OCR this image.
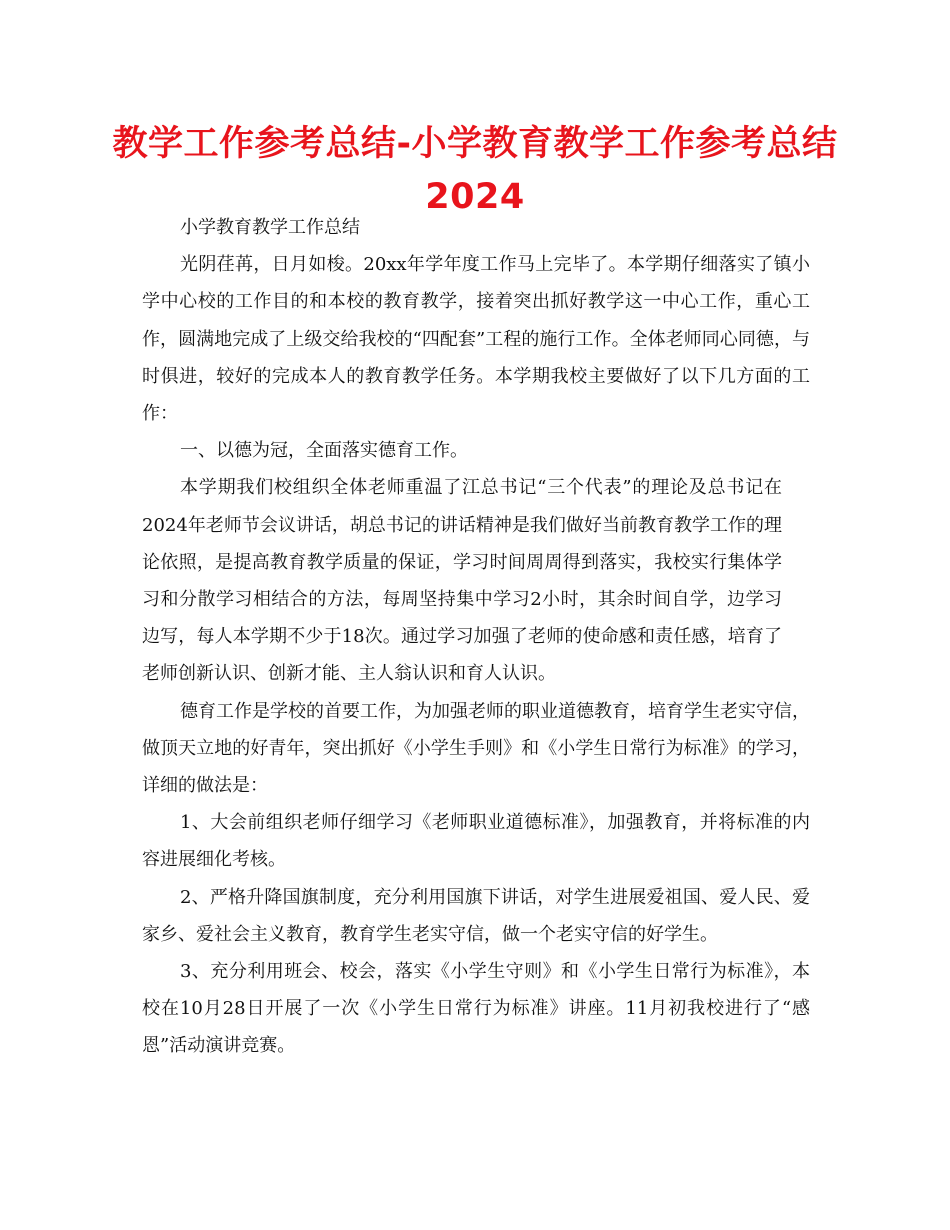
教学工作参考总结-小学教育教学工作参考总结2024

小学教育教学工作总结

光阴荏苒，日月如梭。20xx年学年度工作马上完毕了。本学期仔细落实了镇小学中心校的工作目的和本校的教育教学，接着突出抓好教学这一中心工作，重心工作，圆满地完成了上级交给我校的“四配套”工程的施行工作。全体老师同心同德，与时俱进，较好的完成本人的教育教学任务。本学期我校主要做好了以下几方面的工作：

一、以德为冠，全面落实德育工作。

本学期我们校组织全体老师重温了江总书记“三个代表”的理论及总书记在2024年老师节会议讲话，胡总书记的讲话精神是我们做好当前教育教学工作的理论依照，是提高教育教学质量的保证，学习时间周周得到落实，我校实行集体学习和分散学习相结合的方法，每周坚持集中学习2小时，其余时间自学，边学习边写，每人本学期不少于18次。通过学习加强了老师的使命感和责任感，培育了老师创新认识、创新才能、主人翁认识和育人认识。

德育工作是学校的首要工作，为加强老师的职业道德教育，培育学生老实守信，做顶天立地的好青年，突出抓好《小学生手则》和《小学生日常行为标准》的学习，详细的做法是：

1、大会前组织老师仔细学习《老师职业道德标准》，加强教育，并将标准的内容进展细化考核。

2、严格升降国旗制度，充分利用国旗下讲话，对学生进展爱祖国、爱人民、爱家乡、爱社会主义教育，教育学生老实守信，做一个老实守信的好学生。

3、充分利用班会、校会，落实《小学生守则》和《小学生日常行为标准》，本校在10月28日开展了一次《小学生日常行为标准》讲座。11月初我校进行了“感恩”活动演讲竞赛。
